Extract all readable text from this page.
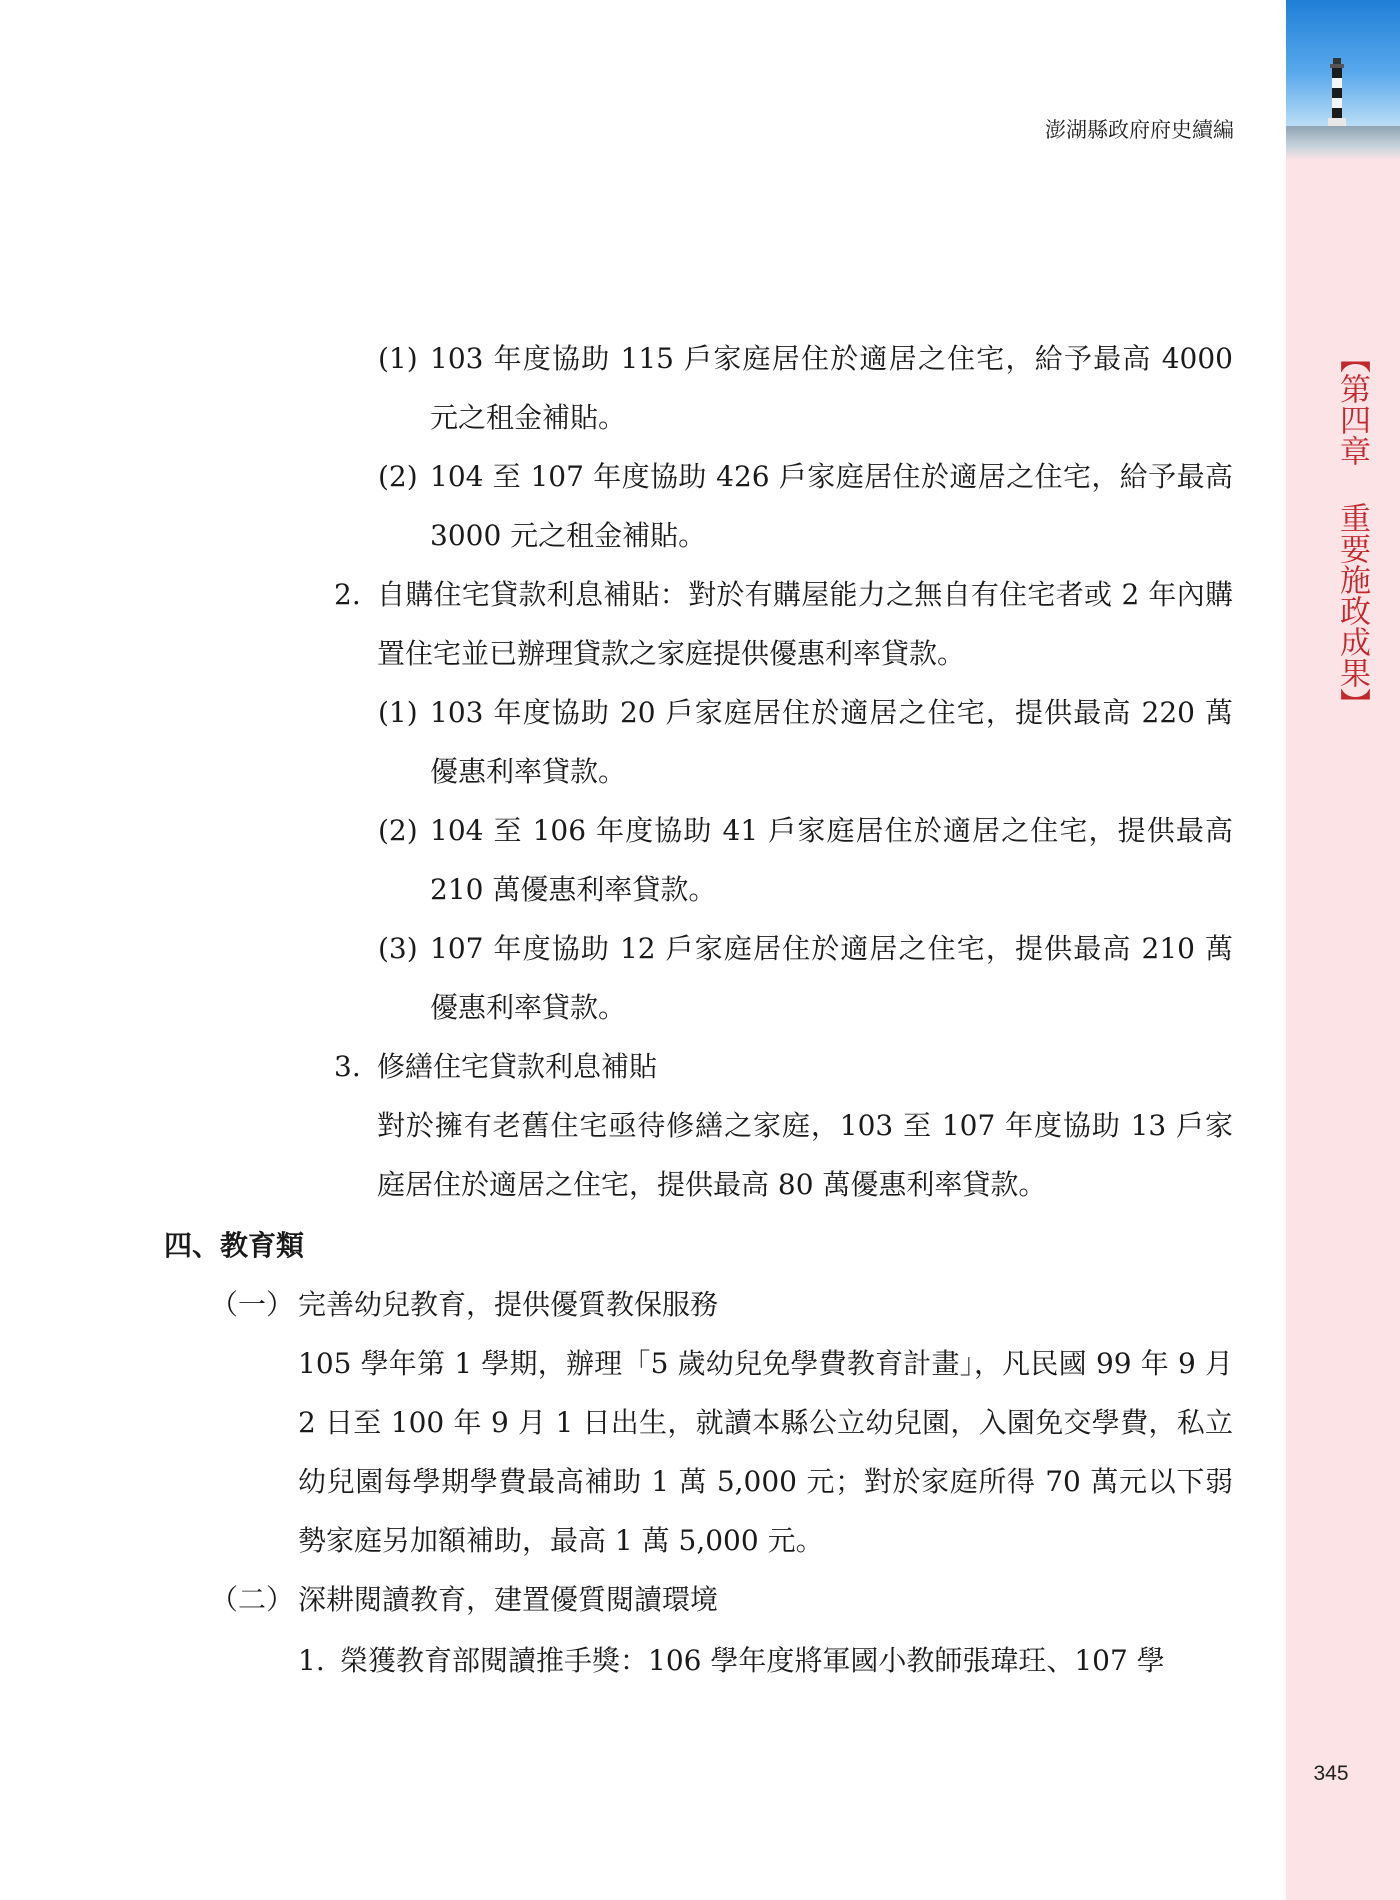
【第四章 重要施政成果】
澎湖縣政府府史續編
345
(1) 103 年度協助 115 戶家庭居住於適居之住宅，給予最高 4000 元之租金補貼。
(2) 104 至 107 年度協助 426 戶家庭居住於適居之住宅，給予最高 3000 元之租金補貼。
2. 自購住宅貸款利息補貼：對於有購屋能力之無自有住宅者或 2 年內購置住宅並已辦理貸款之家庭提供優惠利率貸款。
(1) 103 年度協助 20 戶家庭居住於適居之住宅，提供最高 220 萬優惠利率貸款。
(2) 104 至 106 年度協助 41 戶家庭居住於適居之住宅，提供最高 210 萬優惠利率貸款。
(3) 107 年度協助 12 戶家庭居住於適居之住宅，提供最高 210 萬優惠利率貸款。
3. 修繕住宅貸款利息補貼
對於擁有老舊住宅亟待修繕之家庭，103 至 107 年度協助 13 戶家庭居住於適居之住宅，提供最高 80 萬優惠利率貸款。
四、教育類
（一） 完善幼兒教育，提供優質教保服務
105 學年第 1 學期，辦理「5 歲幼兒免學費教育計畫」，凡民國 99 年 9 月 2 日至 100 年 9 月 1 日出生，就讀本縣公立幼兒園，入園免交學費，私立幼兒園每學期學費最高補助 1 萬 5,000 元；對於家庭所得 70 萬元以下弱勢家庭另加額補助，最高 1 萬 5,000 元。
（二） 深耕閱讀教育，建置優質閱讀環境
1. 榮獲教育部閱讀推手獎：106 學年度將軍國小教師張瑋玨、107 學
